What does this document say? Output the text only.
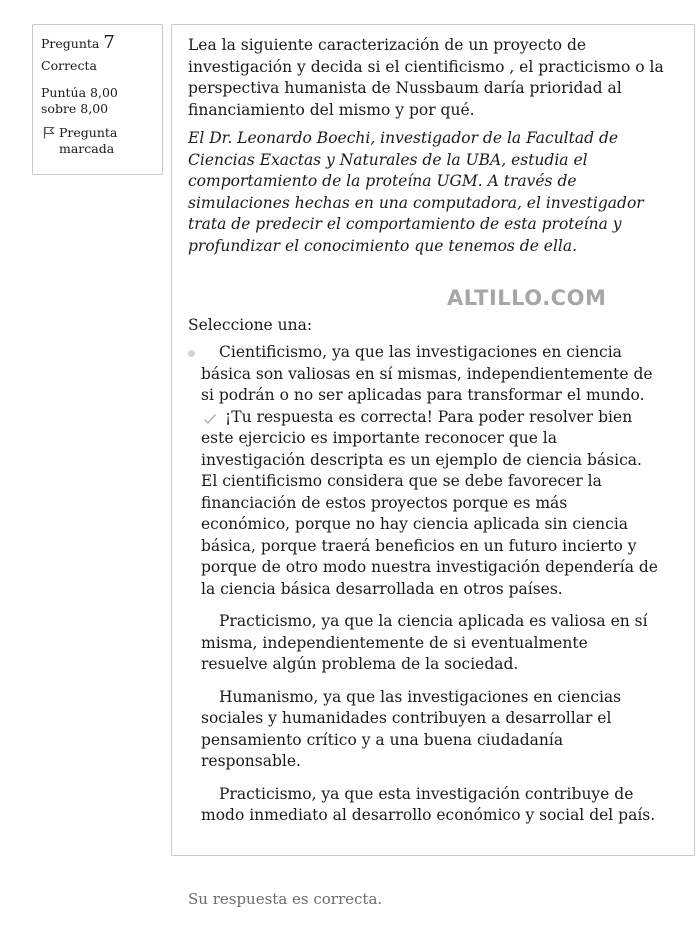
Pregunta 7
Correcta
Puntúa 8,00 sobre 8,00
Pregunta marcada

Lea la siguiente caracterización de un proyecto de investigación y decida si el cientificismo , el practicismo o la perspectiva humanista de Nussbaum daría prioridad al financiamiento del mismo y por qué.

El Dr. Leonardo Boechi, investigador de la Facultad de Ciencias Exactas y Naturales de la UBA, estudia el comportamiento de la proteína UGM. A través de simulaciones hechas en una computadora, el investigador trata de predecir el comportamiento de esta proteína y profundizar el conocimiento que tenemos de ella.

ALTILLO.COM
Seleccione una:
Cientificismo, ya que las investigaciones en ciencia básica son valiosas en sí mismas, independientemente de si podrán o no ser aplicadas para transformar el mundo.
¡Tu respuesta es correcta! Para poder resolver bien este ejercicio es importante reconocer que la investigación descripta es un ejemplo de ciencia básica. El cientificismo considera que se debe favorecer la financiación de estos proyectos porque es más económico, porque no hay ciencia aplicada sin ciencia básica, porque traerá beneficios en un futuro incierto y porque de otro modo nuestra investigación dependería de la ciencia básica desarrollada en otros países.
Practicismo, ya que la ciencia aplicada es valiosa en sí misma, independientemente de si eventualmente resuelve algún problema de la sociedad.
Humanismo, ya que las investigaciones en ciencias sociales y humanidades contribuyen a desarrollar el pensamiento crítico y a una buena ciudadanía responsable.
Practicismo, ya que esta investigación contribuye de modo inmediato al desarrollo económico y social del país.
Su respuesta es correcta.
